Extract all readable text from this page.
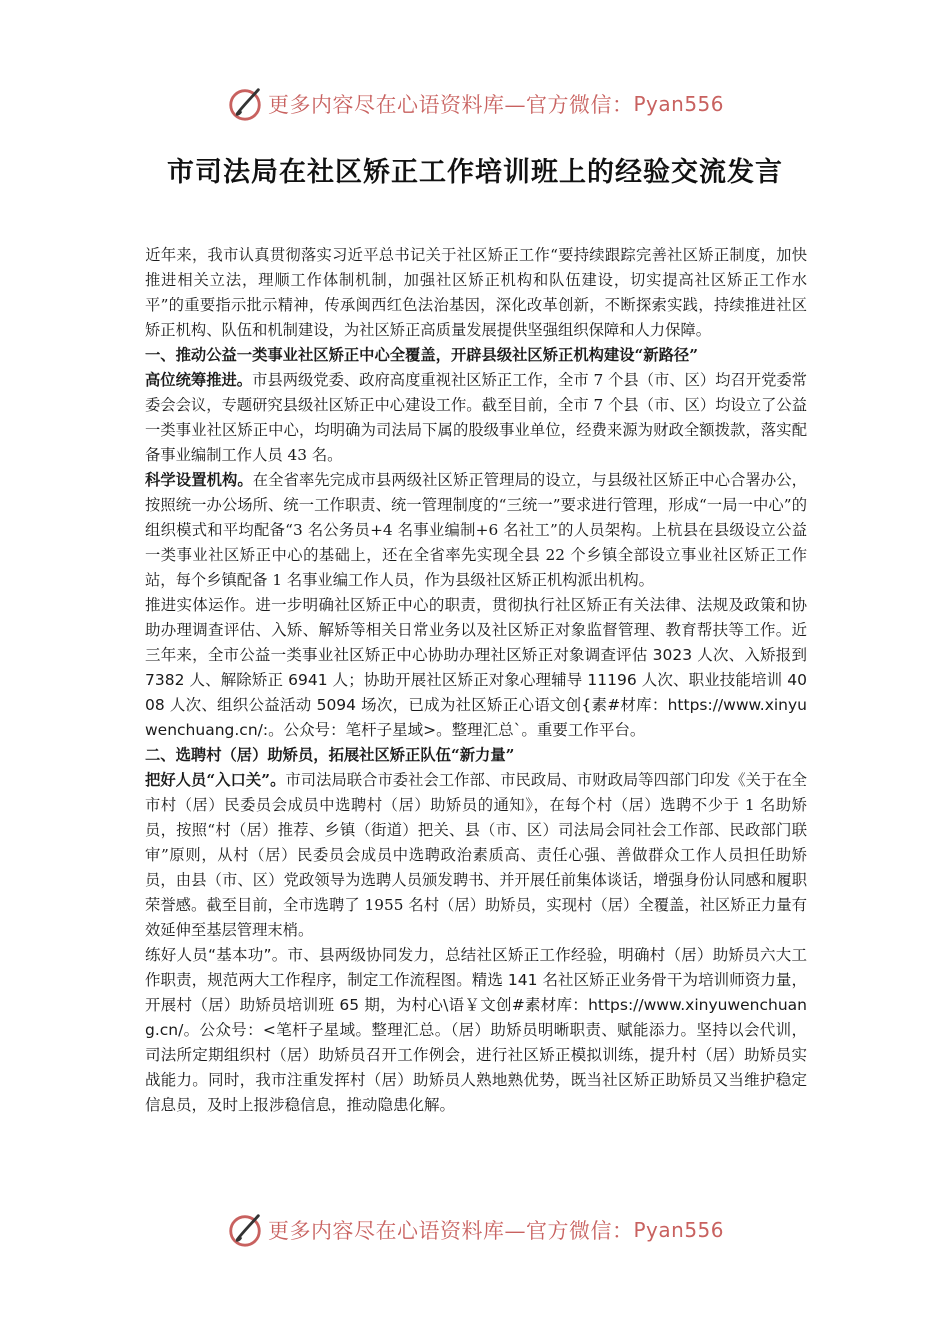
更多内容尽在心语资料库—官方微信： Pyan556
市司法局在社区矫正工作培训班上的经验交流发言

近年来，我市认真贯彻落实习近平总书记关于社区矫正工作“要持续跟踪完善社区矫正制度，加快推进相关立法，理顺工作体制机制，加强社区矫正机构和队伍建设，切实提高社区矫正工作水平”的重要指示批示精神，传承闽西红色法治基因，深化改革创新，不断探索实践，持续推进社区矫正机构、队伍和机制建设，为社区矫正高质量发展提供坚强组织保障和人力保障。

一、推动公益一类事业社区矫正中心全覆盖，开辟县级社区矫正机构建设“新路径”

高位统筹推进。市县两级党委、政府高度重视社区矫正工作，全市 7 个县（市、区）均召开党委常委会会议，专题研究县级社区矫正中心建设工作。截至目前，全市 7 个县（市、区）均设立了公益一类事业社区矫正中心，均明确为司法局下属的股级事业单位，经费来源为财政全额拨款，落实配备事业编制工作人员 43 名。

科学设置机构。在全省率先完成市县两级社区矫正管理局的设立，与县级社区矫正中心合署办公，按照统一办公场所、统一工作职责、统一管理制度的“三统一”要求进行管理，形成“一局一中心”的组织模式和平均配备“3 名公务员+4 名事业编制+6 名社工”的人员架构。上杭县在县级设立公益一类事业社区矫正中心的基础上，还在全省率先实现全县 22 个乡镇全部设立事业社区矫正工作站，每个乡镇配备 1 名事业编工作人员，作为县级社区矫正机构派出机构。

推进实体运作。进一步明确社区矫正中心的职责，贯彻执行社区矫正有关法律、法规及政策和协助办理调查评估、入矫、解矫等相关日常业务以及社区矫正对象监督管理、教育帮扶等工作。近三年来，全市公益一类事业社区矫正中心协助办理社区矫正对象调查评估 3023 人次、入矫报到 7382 人、解除矫正 6941 人；协助开展社区矫正对象心理辅导 11196 人次、职业技能培训 4008 人次、组织公益活动 5094 场次，已成为社区矫正心语文创{素#材库：https://www.xinyuwenchuang.cn/:。公众号：笔杆子星域>。整理汇总`。重要工作平台。

二、选聘村（居）助矫员，拓展社区矫正队伍“新力量”

把好人员“入口关”。市司法局联合市委社会工作部、市民政局、市财政局等四部门印发《关于在全市村（居）民委员会成员中选聘村（居）助矫员的通知》，在每个村（居）选聘不少于 1 名助矫员，按照“村（居）推荐、乡镇（街道）把关、县（市、区）司法局会同社会工作部、民政部门联审”原则，从村（居）民委员会成员中选聘政治素质高、责任心强、善做群众工作人员担任助矫员，由县（市、区）党政领导为选聘人员颁发聘书、并开展任前集体谈话，增强身份认同感和履职荣誉感。截至目前，全市选聘了 1955 名村（居）助矫员，实现村（居）全覆盖，社区矫正力量有效延伸至基层管理末梢。

练好人员“基本功”。市、县两级协同发力，总结社区矫正工作经验，明确村（居）助矫员六大工作职责，规范两大工作程序，制定工作流程图。精选 141 名社区矫正业务骨干为培训师资力量，开展村（居）助矫员培训班 65 期，为村心\语￥文创#素材库：https://www.xinyuwenchuang.cn/。公众号：<笔杆子星域。整理汇总。（居）助矫员明晰职责、赋能添力。坚持以会代训，司法所定期组织村（居）助矫员召开工作例会，进行社区矫正模拟训练，提升村（居）助矫员实战能力。同时，我市注重发挥村（居）助矫员人熟地熟优势，既当社区矫正助矫员又当维护稳定信息员，及时上报涉稳信息，推动隐患化解。

更多内容尽在心语资料库—官方微信： Pyan556
